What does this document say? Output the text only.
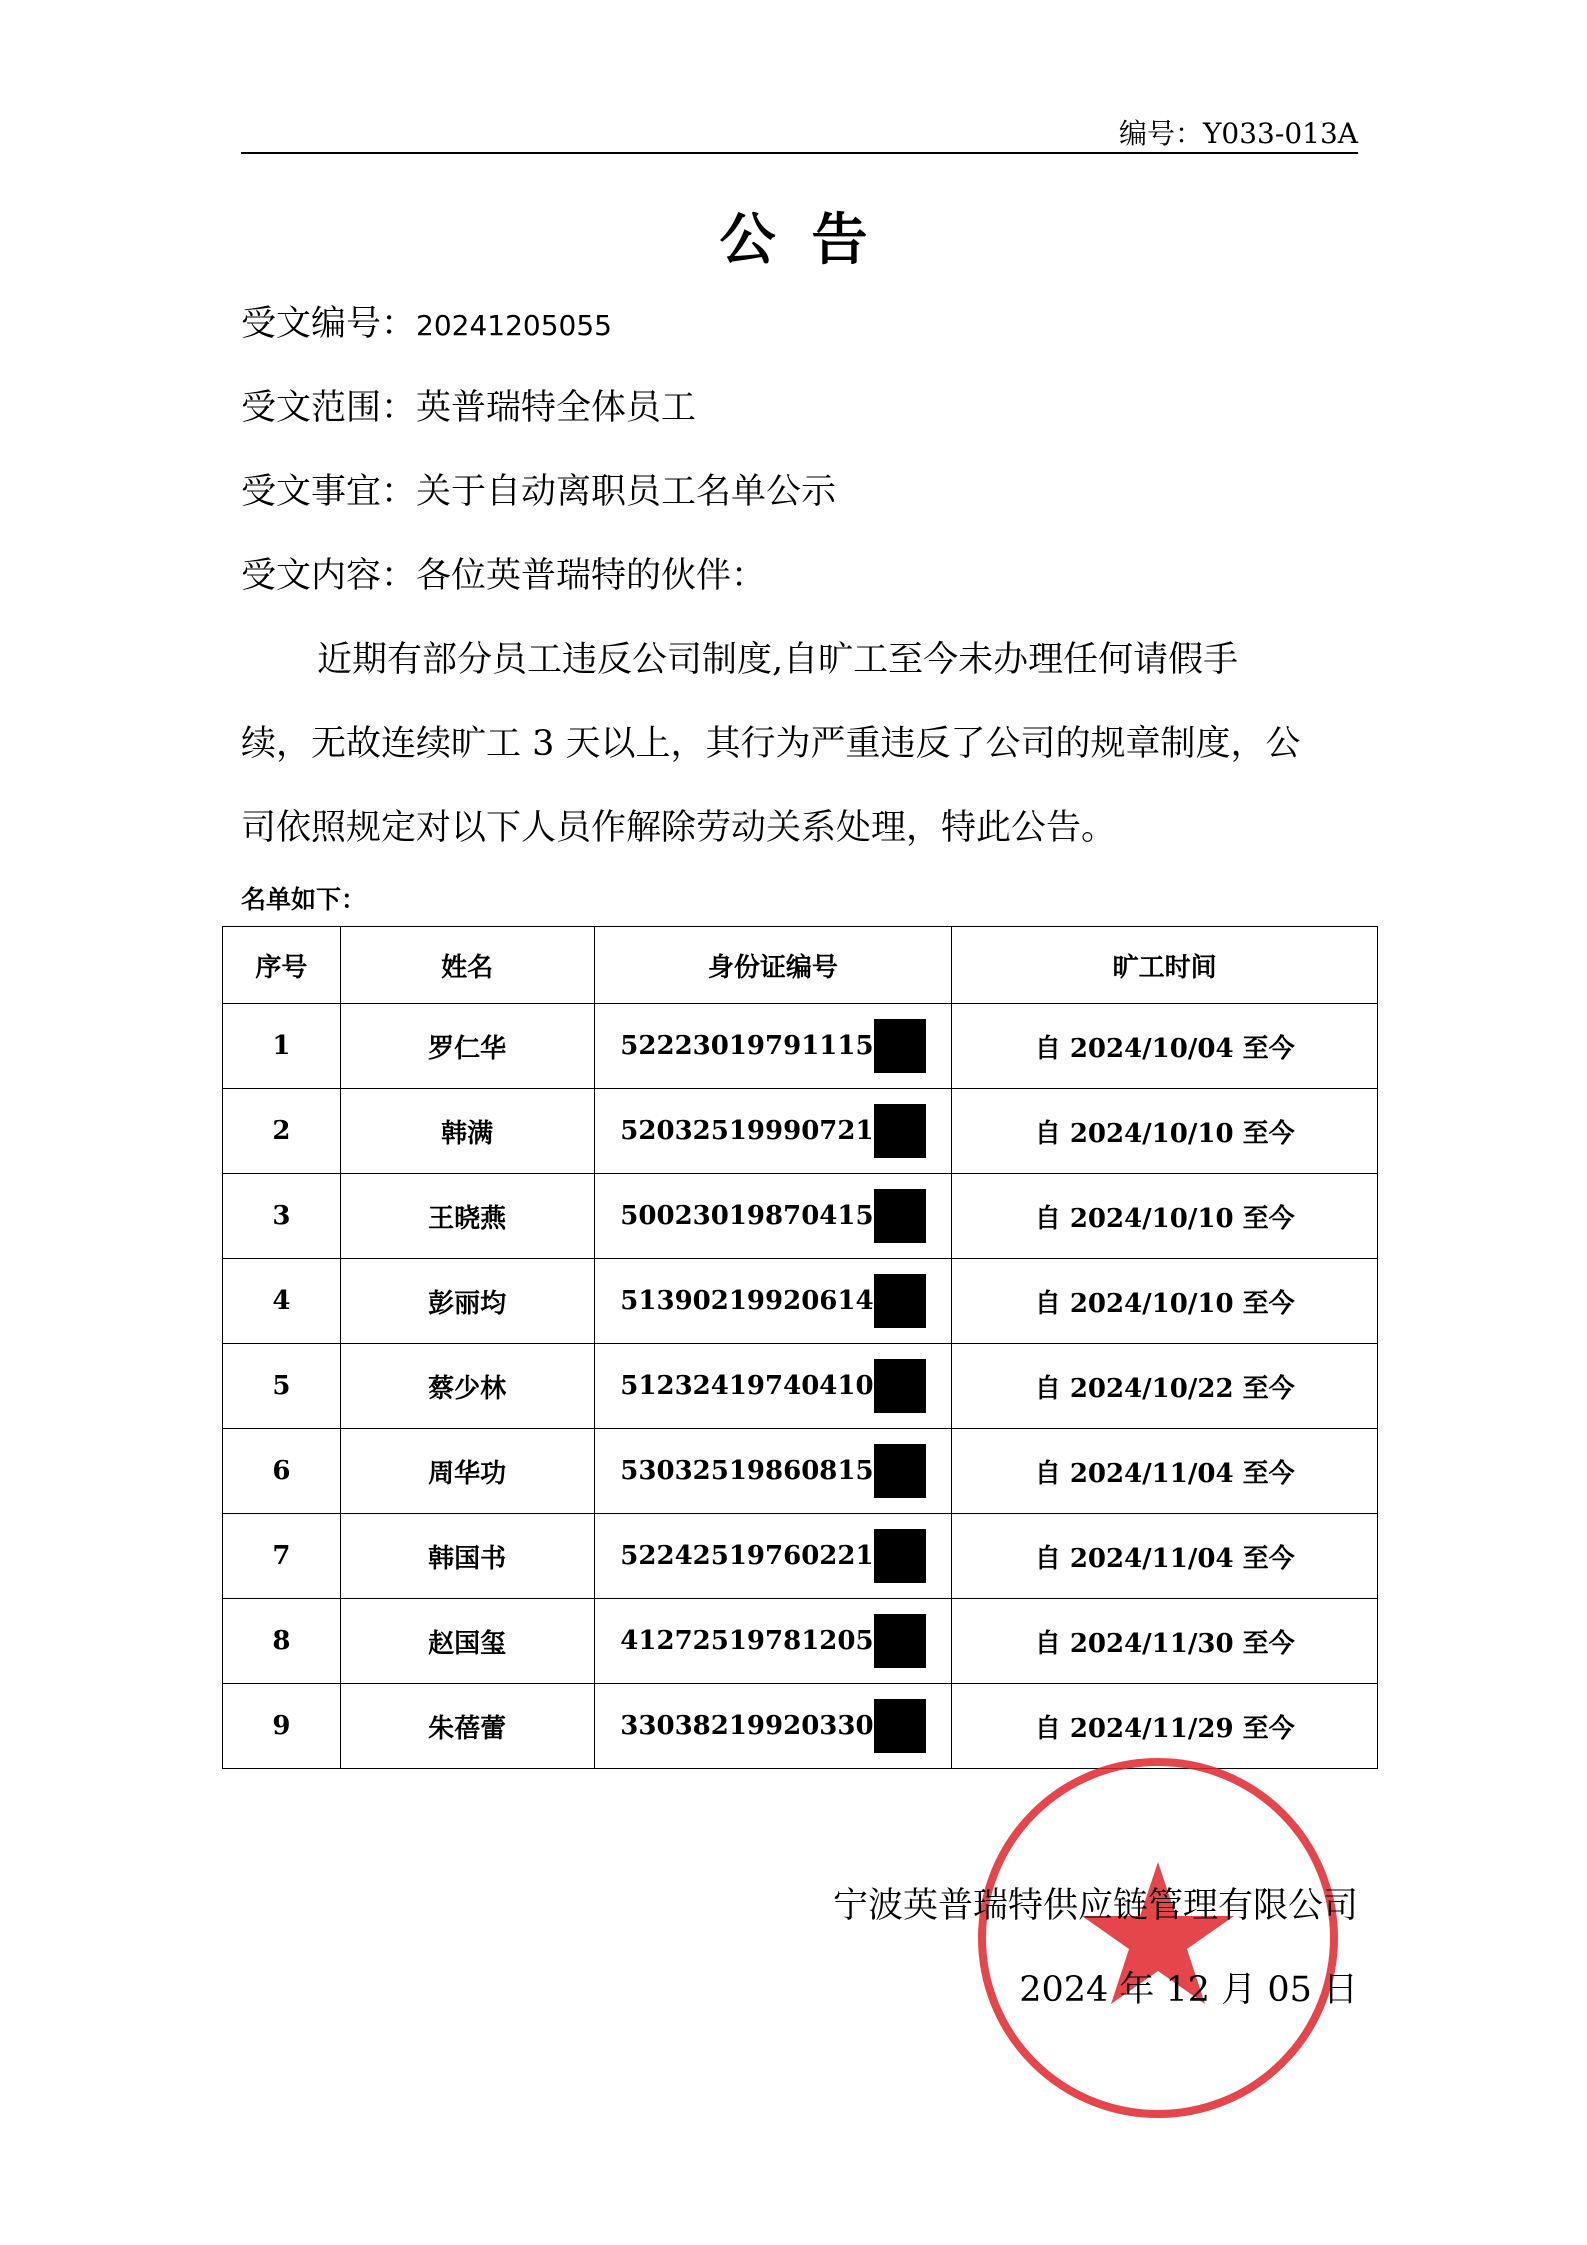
编号：Y033-013A
公告
受文编号：20241205055
受文范围：英普瑞特全体员工
受文事宜：关于自动离职员工名单公示
受文内容：各位英普瑞特的伙伴：
近期有部分员工违反公司制度,自旷工至今未办理任何请假手
续，无故连续旷工 3 天以上，其行为严重违反了公司的规章制度，公
司依照规定对以下人员作解除劳动关系处理，特此公告。
名单如下：
序号	姓名	身份证编号	旷工时间
1	罗仁华	52223019791115	自 2024/10/04 至今
2	韩满	52032519990721	自 2024/10/10 至今
3	王晓燕	50023019870415	自 2024/10/10 至今
4	彭丽均	51390219920614	自 2024/10/10 至今
5	蔡少林	51232419740410	自 2024/10/22 至今
6	周华功	53032519860815	自 2024/11/04 至今
7	韩国书	52242519760221	自 2024/11/04 至今
8	赵国玺	41272519781205	自 2024/11/30 至今
9	朱蓓蕾	33038219920330	自 2024/11/29 至今
宁波英普瑞特供应链管理有限公司
2024 年 12 月 05 日
